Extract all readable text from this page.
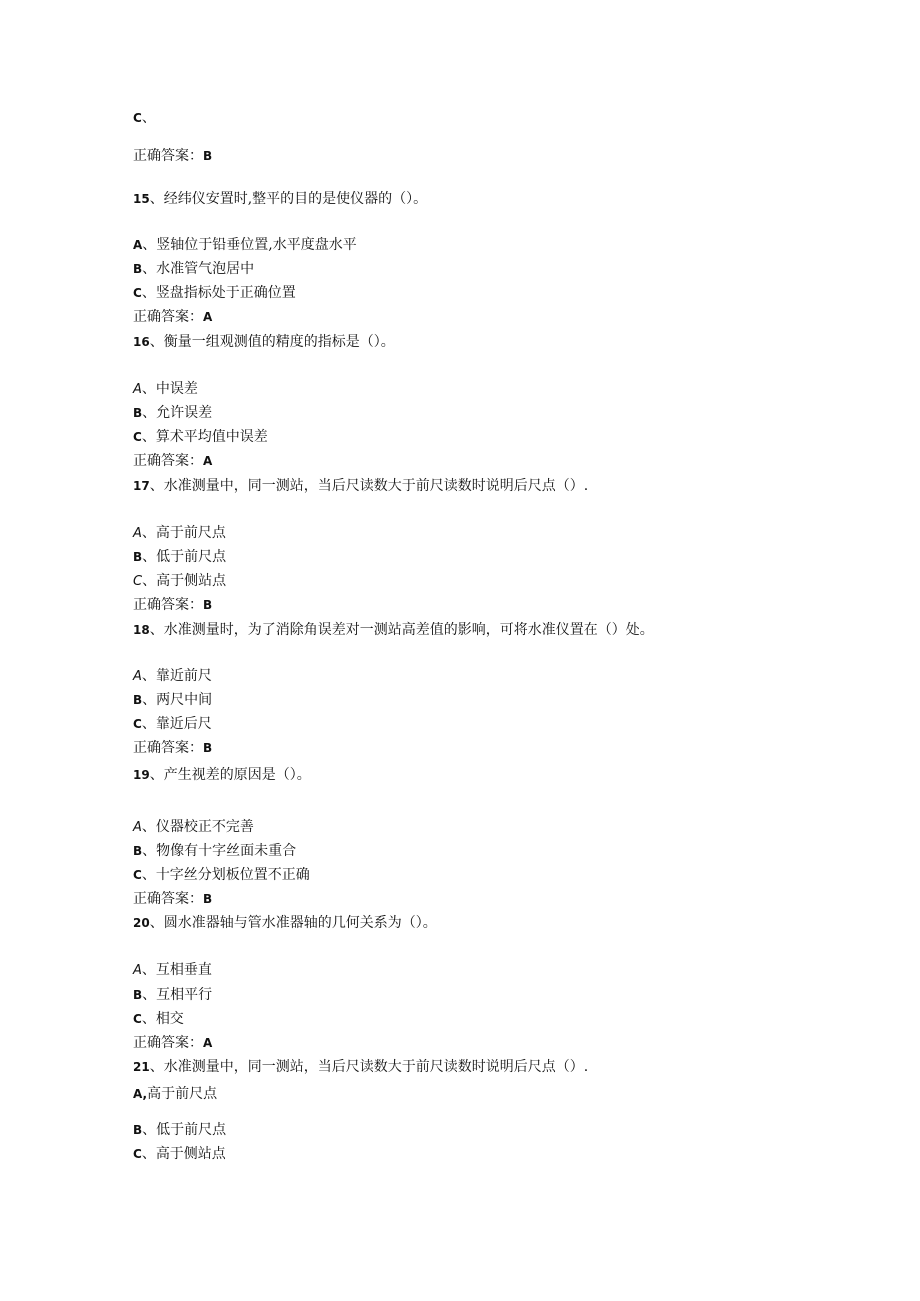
C、
正确答案：B
15、经纬仪安置时,整平的目的是使仪器的（）。
A、竖轴位于铅垂位置,水平度盘水平
B、水准管气泡居中
C、竖盘指标处于正确位置
正确答案：A
16、衡量一组观测值的精度的指标是（）。
A、中误差
B、允许误差
C、算术平均值中误差
正确答案：A
17、水准测量中，同一测站，当后尺读数大于前尺读数时说明后尺点（）.
A、高于前尺点
B、低于前尺点
C、高于侧站点
正确答案：B
18、水准测量时，为了消除角误差对一测站高差值的影响，可将水准仪置在（）处。
A、靠近前尺
B、两尺中间
C、靠近后尺
正确答案：B
19、产生视差的原因是（）。
A、仪器校正不完善
B、物像有十字丝面未重合
C、十字丝分划板位置不正确
正确答案：B
20、圆水准器轴与管水准器轴的几何关系为（）。
A、互相垂直
B、互相平行
C、相交
正确答案：A
21、水准测量中，同一测站，当后尺读数大于前尺读数时说明后尺点（）.
A,高于前尺点
B、低于前尺点
C、高于侧站点
